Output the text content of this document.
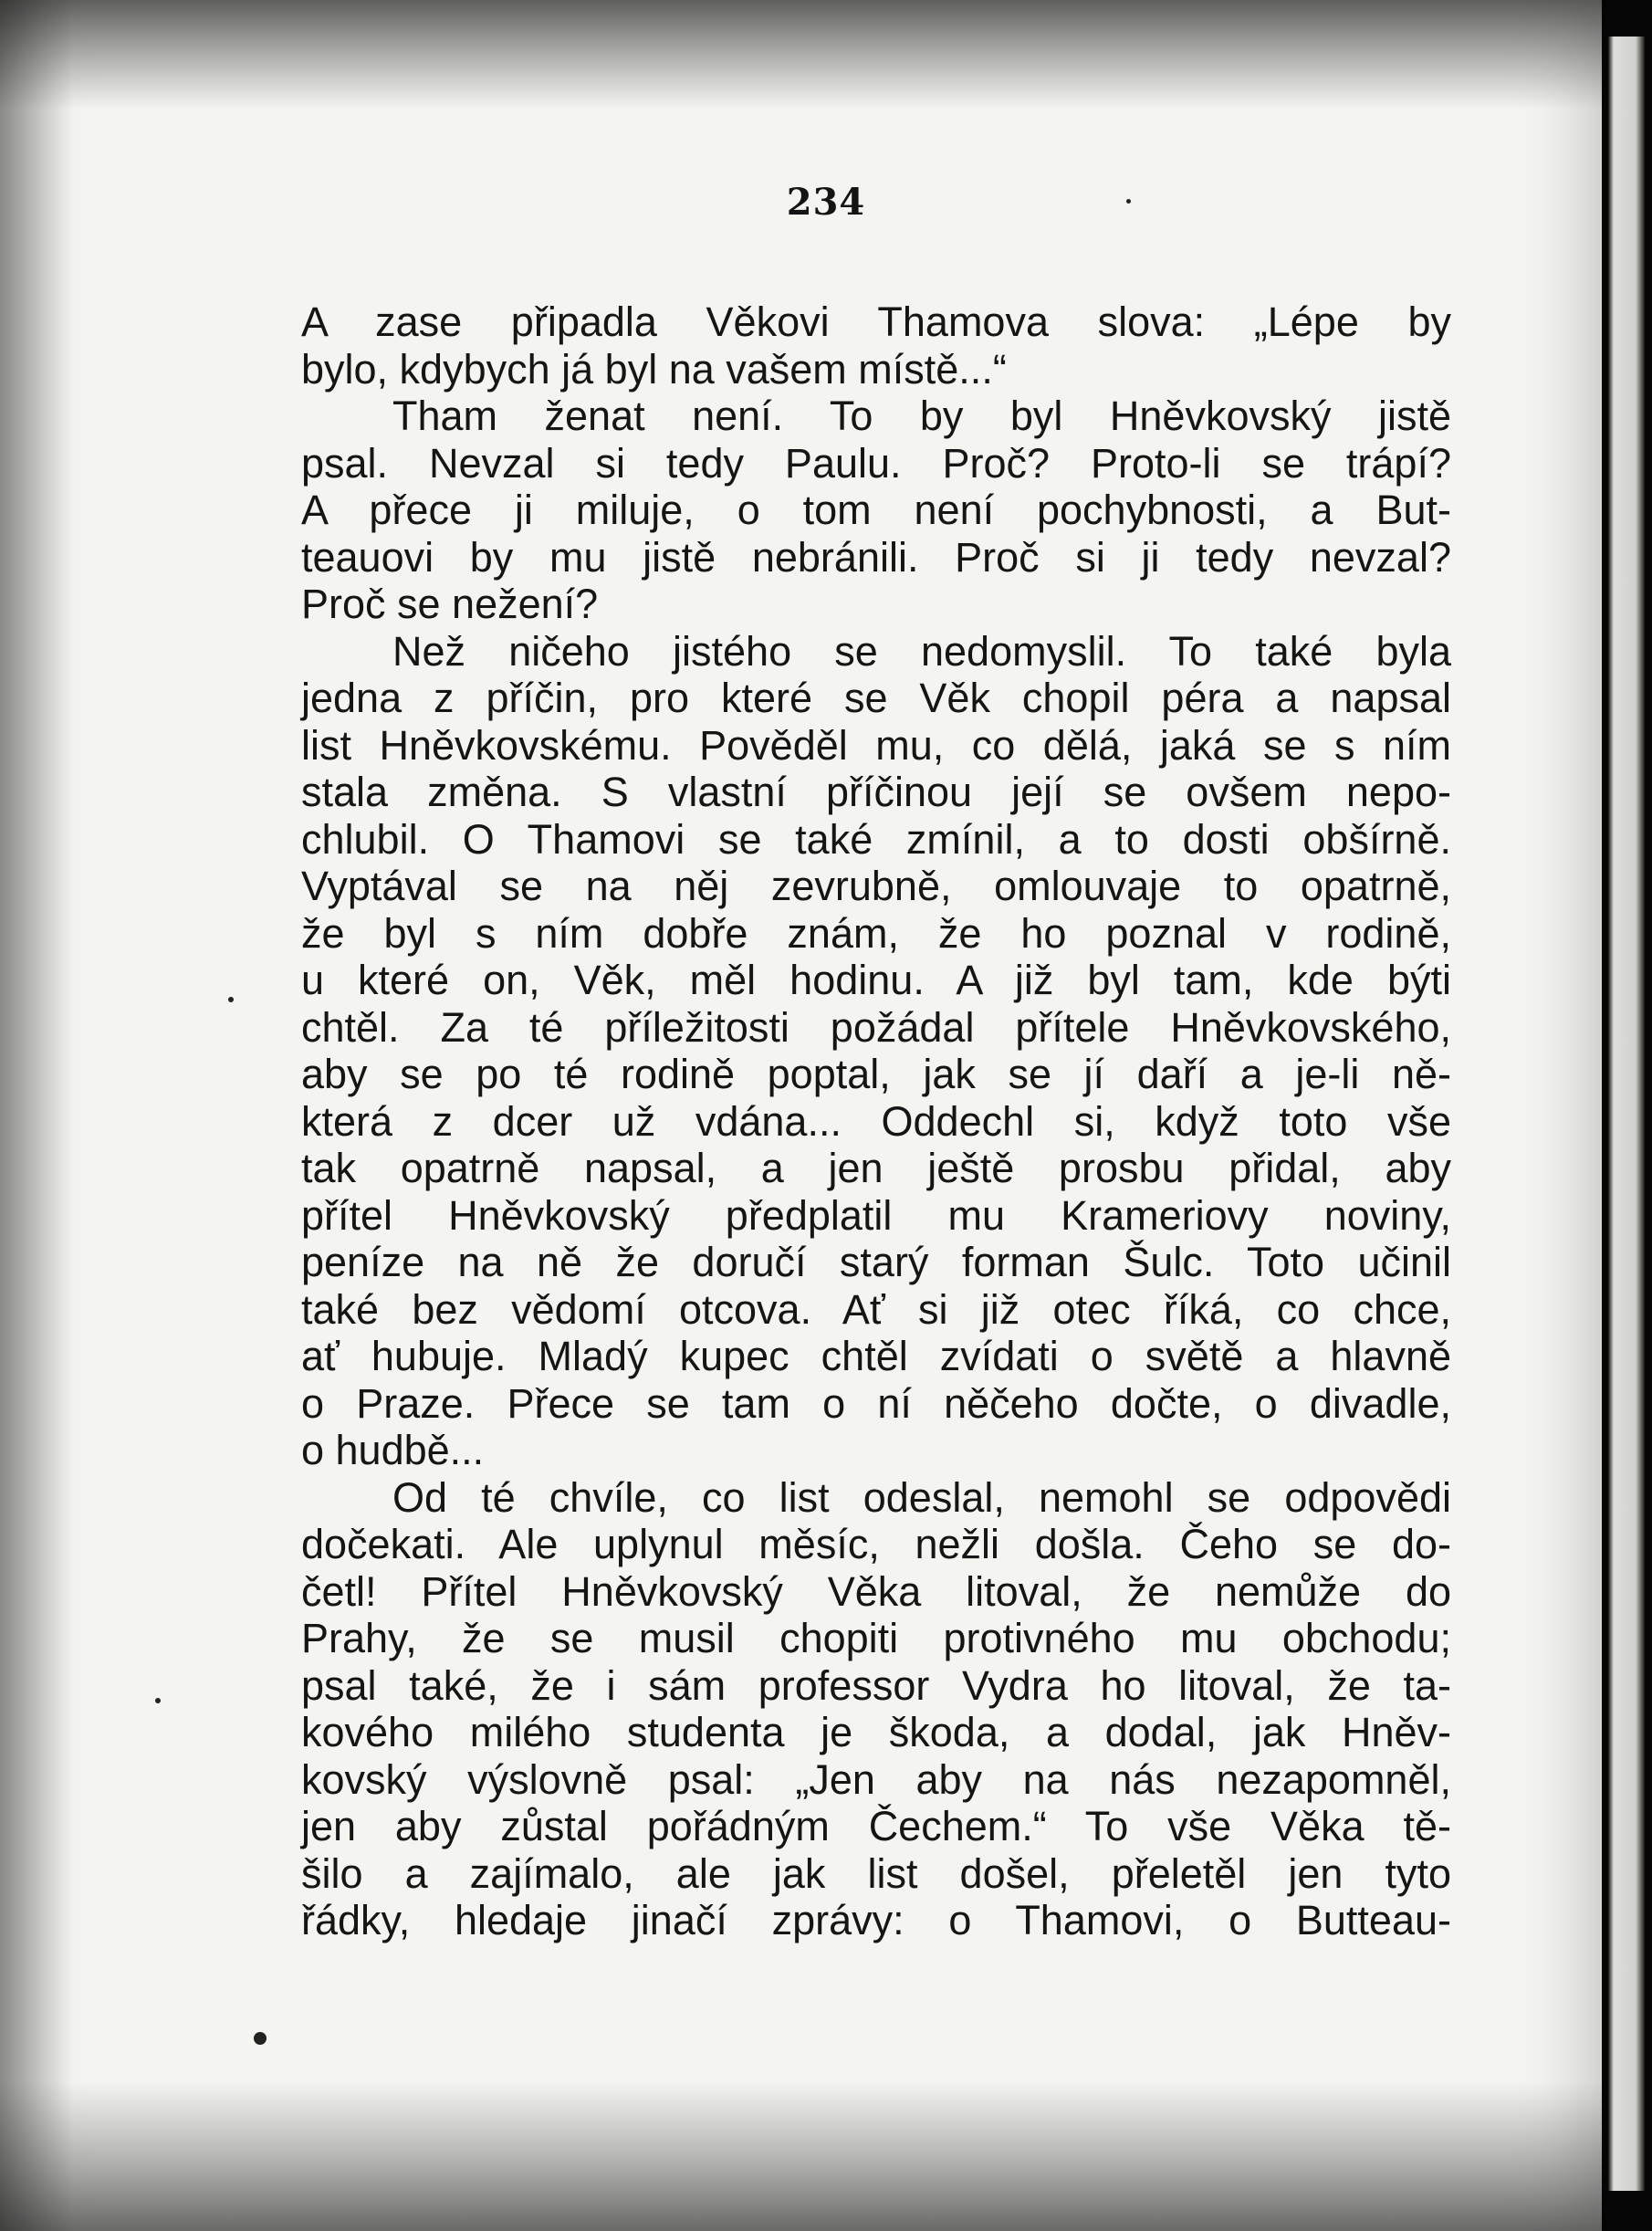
234
A zase připadla Věkovi Thamova slova: „Lépe by
bylo, kdybych já byl na vašem místě...“
Tham ženat není. To by byl Hněvkovský jistě
psal. Nevzal si tedy Paulu. Proč? Proto-li se trápí?
A přece ji miluje, o tom není pochybnosti, a But-
teauovi by mu jistě nebránili. Proč si ji tedy nevzal?
Proč se nežení?
Než ničeho jistého se nedomyslil. To také byla
jedna z příčin, pro které se Věk chopil péra a napsal
list Hněvkovskému. Pověděl mu, co dělá, jaká se s ním
stala změna. S vlastní příčinou její se ovšem nepo-
chlubil. O Thamovi se také zmínil, a to dosti obšírně.
Vyptával se na něj zevrubně, omlouvaje to opatrně,
že byl s ním dobře znám, že ho poznal v rodině,
u které on, Věk, měl hodinu. A již byl tam, kde býti
chtěl. Za té příležitosti požádal přítele Hněvkovského,
aby se po té rodině poptal, jak se jí daří a je-li ně-
která z dcer už vdána... Oddechl si, když toto vše
tak opatrně napsal, a jen ještě prosbu přidal, aby
přítel Hněvkovský předplatil mu Krameriovy noviny,
peníze na ně že doručí starý forman Šulc. Toto učinil
také bez vědomí otcova. Ať si již otec říká, co chce,
ať hubuje. Mladý kupec chtěl zvídati o světě a hlavně
o Praze. Přece se tam o ní něčeho dočte, o divadle,
o hudbě...
Od té chvíle, co list odeslal, nemohl se odpovědi
dočekati. Ale uplynul měsíc, nežli došla. Čeho se do-
četl! Přítel Hněvkovský Věka litoval, že nemůže do
Prahy, že se musil chopiti protivného mu obchodu;
psal také, že i sám professor Vydra ho litoval, že ta-
kového milého studenta je škoda, a dodal, jak Hněv-
kovský výslovně psal: „Jen aby na nás nezapomněl,
jen aby zůstal pořádným Čechem.“ To vše Věka tě-
šilo a zajímalo, ale jak list došel, přeletěl jen tyto
řádky, hledaje jinačí zprávy: o Thamovi, o Butteau-
